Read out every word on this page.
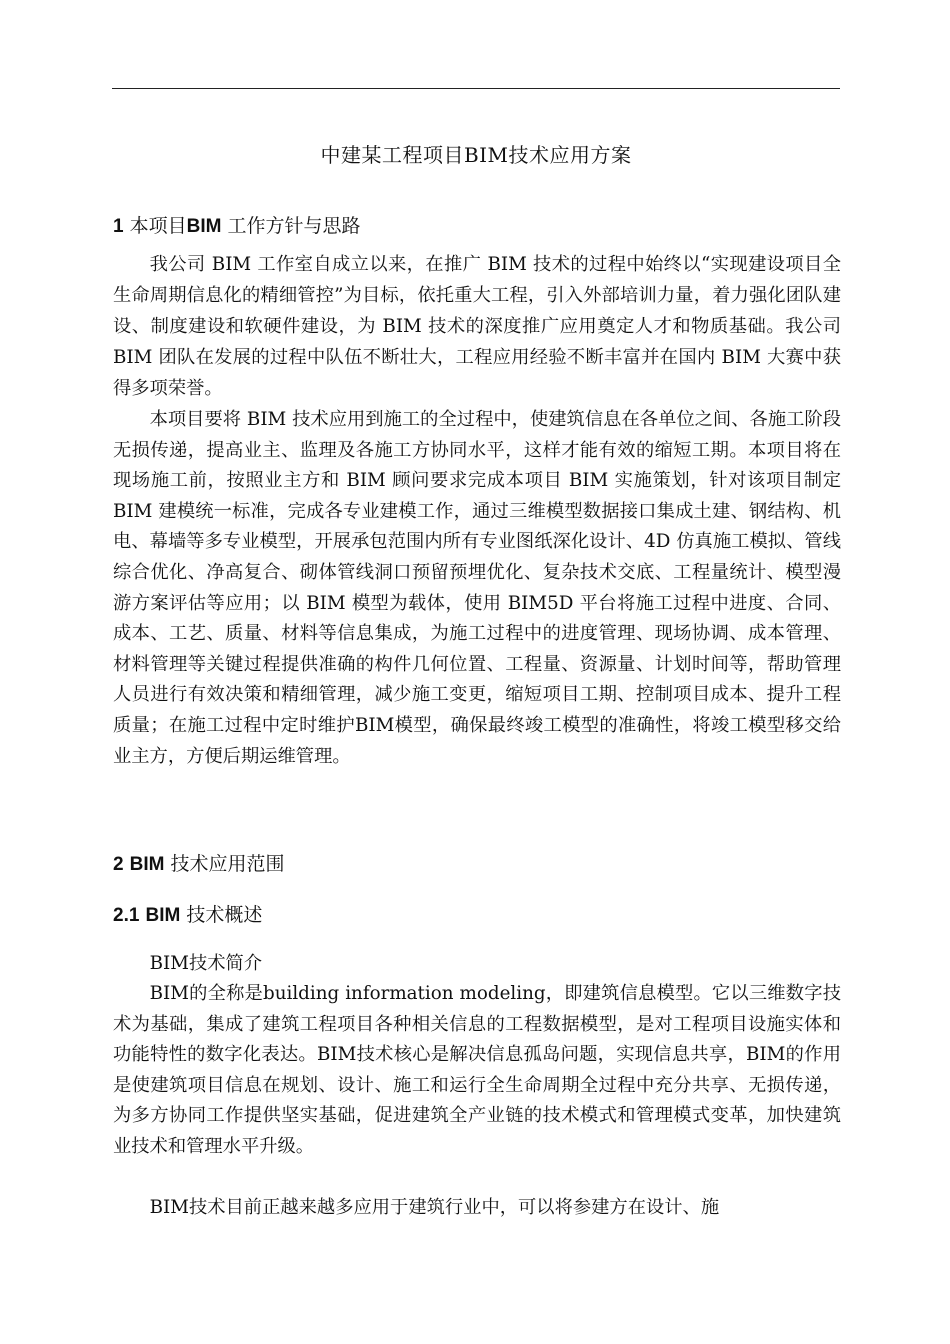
中建某工程项目BIM技术应用方案
1 本项目BIM 工作方针与思路

我公司 BIM 工作室自成立以来，在推广 BIM 技术的过程中始终以“实现建设项目全生命周期信息化的精细管控”为目标，依托重大工程，引入外部培训力量，着力强化团队建设、制度建设和软硬件建设，为 BIM 技术的深度推广应用奠定人才和物质基础。我公司 BIM 团队在发展的过程中队伍不断壮大，工程应用经验不断丰富并在国内 BIM 大赛中获得多项荣誉。

本项目要将 BIM 技术应用到施工的全过程中，使建筑信息在各单位之间、各施工阶段无损传递，提高业主、监理及各施工方协同水平，这样才能有效的缩短工期。本项目将在现场施工前，按照业主方和 BIM 顾问要求完成本项目 BIM 实施策划，针对该项目制定 BIM 建模统一标准，完成各专业建模工作，通过三维模型数据接口集成土建、钢结构、机电、幕墙等多专业模型，开展承包范围内所有专业图纸深化设计、4D 仿真施工模拟、管线综合优化、净高复合、砌体管线洞口预留预埋优化、复杂技术交底、工程量统计、模型漫游方案评估等应用；以 BIM 模型为载体，使用 BIM5D 平台将施工过程中进度、合同、成本、工艺、质量、材料等信息集成，为施工过程中的进度管理、现场协调、成本管理、材料管理等关键过程提供准确的构件几何位置、工程量、资源量、计划时间等，帮助管理人员进行有效决策和精细管理，减少施工变更，缩短项目工期、控制项目成本、提升工程质量；在施工过程中定时维护BIM模型，确保最终竣工模型的准确性，将竣工模型移交给业主方，方便后期运维管理。

2 BIM 技术应用范围
2.1 BIM 技术概述
BIM技术简介

BIM的全称是building information modeling，即建筑信息模型。它以三维数字技术为基础，集成了建筑工程项目各种相关信息的工程数据模型，是对工程项目设施实体和功能特性的数字化表达。BIM技术核心是解决信息孤岛问题，实现信息共享，BIM的作用是使建筑项目信息在规划、设计、施工和运行全生命周期全过程中充分共享、无损传递，为多方协同工作提供坚实基础，促进建筑全产业链的技术模式和管理模式变革，加快建筑业技术和管理水平升级。

BIM技术目前正越来越多应用于建筑行业中，可以将参建方在设计、施
